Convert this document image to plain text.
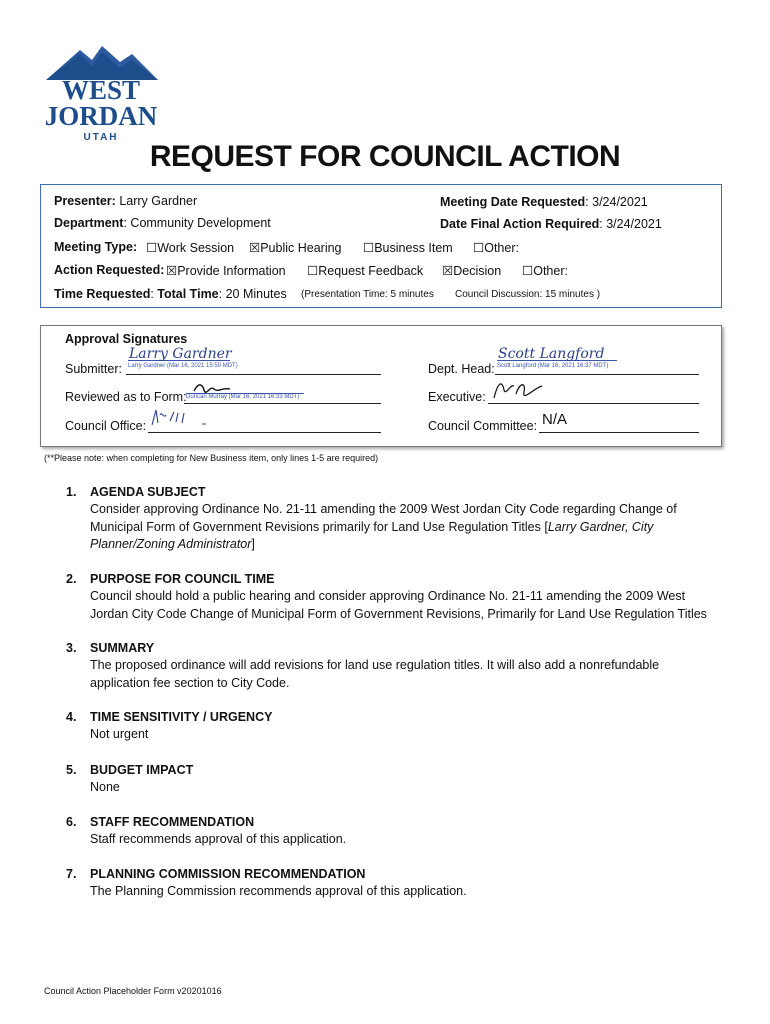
WEST
JORDAN
UTAH
REQUEST FOR COUNCIL ACTION
Presenter: Larry Gardner	Meeting Date Requested: 3/24/2021
Department: Community Development	Date Final Action Required: 3/24/2021
Meeting Type: ☐Work Session ☒Public Hearing ☐Business Item ☐Other:
Action Requested: ☒Provide Information ☐Request Feedback ☒Decision ☐Other:
Time Requested: Total Time: 20 Minutes (Presentation Time: 5 minutes Council Discussion: 15 minutes )
Approval Signatures
Submitter:
Larry Gardner
Larry Gardner (Mar 16, 2021 15:50 MDT)
Reviewed as to Form: Duncan Murray (Mar 16, 2021 16:33 MDT)
Council Office:
Dept. Head:
Scott Langford
Scott Langford (Mar 16, 2021 16:37 MDT)
Executive:
Council Committee: N/A
(**Please note: when completing for New Business item, only lines 1-5 are required)
1. AGENDA SUBJECT
Consider approving Ordinance No. 21-11 amending the 2009 West Jordan City Code regarding Change of
Municipal Form of Government Revisions primarily for Land Use Regulation Titles [Larry Gardner, City
Planner/Zoning Administrator]
2. PURPOSE FOR COUNCIL TIME
Council should hold a public hearing and consider approving Ordinance No. 21-11 amending the 2009 West
Jordan City Code Change of Municipal Form of Government Revisions, Primarily for Land Use Regulation Titles
3. SUMMARY
The proposed ordinance will add revisions for land use regulation titles. It will also add a nonrefundable
application fee section to City Code.
4. TIME SENSITIVITY / URGENCY
Not urgent
5. BUDGET IMPACT
None
6. STAFF RECOMMENDATION
Staff recommends approval of this application.
7. PLANNING COMMISSION RECOMMENDATION
The Planning Commission recommends approval of this application.
Council Action Placeholder Form v20201016
